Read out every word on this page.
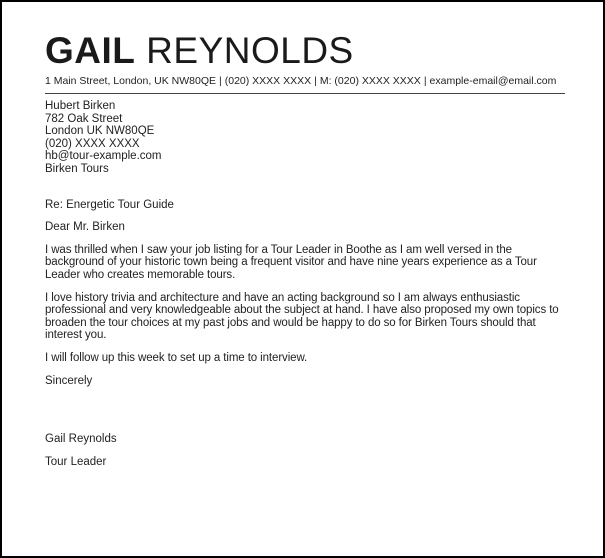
GAIL REYNOLDS
1 Main Street, London, UK NW80QE | (020) XXXX XXXX | M: (020) XXXX XXXX | example-email@email.com
Hubert Birken
782 Oak Street
London UK NW80QE
(020) XXXX XXXX
hb@tour-example.com
Birken Tours
Re: Energetic Tour Guide
Dear Mr. Birken
I was thrilled when I saw your job listing for a Tour Leader in Boothe as I am well versed in the background of your historic town being a frequent visitor and have nine years experience as a Tour Leader who creates memorable tours.
I love history trivia and architecture and have an acting background so I am always enthusiastic professional and very knowledgeable about the subject at hand. I have also proposed my own topics to broaden the tour choices at my past jobs and would be happy to do so for Birken Tours should that interest you.
I will follow up this week to set up a time to interview.
Sincerely
Gail Reynolds
Tour Leader
